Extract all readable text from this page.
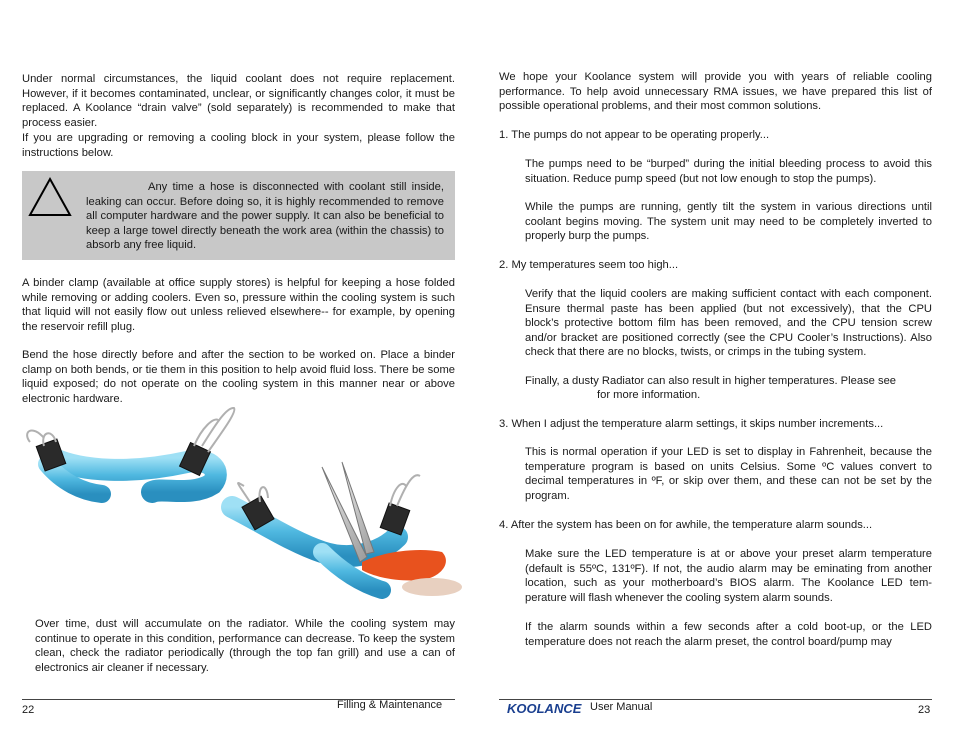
Under normal circumstances, the liquid coolant does not require replacement. However, if it becomes contaminated, unclear, or significantly changes color, it must be replaced. A Koolance “drain valve” (sold separately) is recommended to make that process easier.

If you are upgrading or removing a cooling block in your system, please follow the instructions below.

Any time a hose is disconnected with coolant still inside, leaking can occur. Before doing so, it is highly recommended to remove all computer hardware and the power supply. It can also be beneficial to keep a large towel directly beneath the work area (within the chassis) to absorb any free liquid.

A binder clamp (available at office supply stores) is helpful for keeping a hose folded while removing or adding coolers. Even so, pressure within the cooling system is such that liquid will not easily flow out unless relieved elsewhere-- for example, by opening the reservoir refill plug.

Bend the hose directly before and after the section to be worked on. Place a binder clamp on both bends, or tie them in this position to help avoid fluid loss. There be some liquid exposed; do not operate on the cooling system in this manner near or above electronic hardware.

Over time, dust will accumulate on the radiator. While the cooling system may continue to operate in this condition, performance can decrease. To keep the system clean, check the radiator periodically (through the top fan grill) and use a can of electronics air cleaner if necessary.

22	Filling & Maintenance

We hope your Koolance system will provide you with years of reliable cooling performance. To help avoid unnecessary RMA issues, we have prepared this list of possible operational problems, and their most common solutions.

1. The pumps do not appear to be operating properly...

The pumps need to be “burped” during the initial bleeding process to avoid this situation. Reduce pump speed (but not low enough to stop the pumps).

While the pumps are running, gently tilt the system in various directions until coolant begins moving. The system unit may need to be completely inverted to properly burp the pumps.

2. My temperatures seem too high...

Verify that the liquid coolers are making sufficient contact with each component. Ensure thermal paste has been applied (but not excessively), that the CPU block’s protective bottom film has been removed, and the CPU tension screw and/or bracket are positioned correctly (see the CPU Cooler’s Instructions). Also check that there are no blocks, twists, or crimps in the tubing system.

Finally, a dusty Radiator can also result in higher temperatures. Please see

for more information.

3. When I adjust the temperature alarm settings, it skips number increments...

This is normal operation if your LED is set to display in Fahrenheit, because the temperature program is based on units Celsius. Some ºC values convert to decimal temperatures in ºF, or skip over them, and these can not be set by the program.

4. After the system has been on for awhile, the temperature alarm sounds...

Make sure the LED temperature is at or above your preset alarm temperature (default is 55ºC, 131ºF). If not, the audio alarm may be eminating from another location, such as your motherboard’s BIOS alarm. The Koolance LED tem-perature will flash whenever the cooling system alarm sounds.

If the alarm sounds within a few seconds after a cold boot-up, or the LED temperature does not reach the alarm preset, the control board/pump may

KOOLANCE User Manual	23
